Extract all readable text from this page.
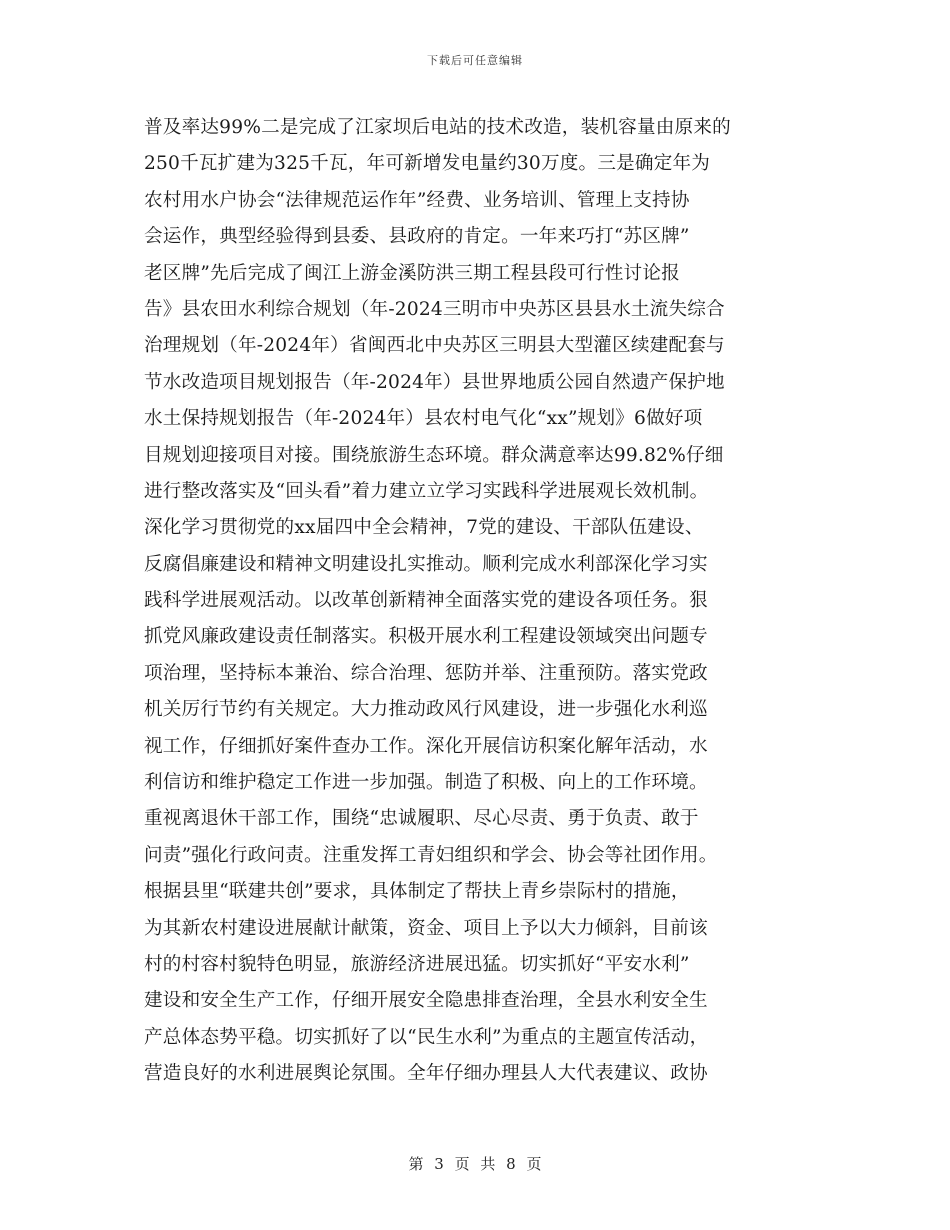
下载后可任意编辑
普及率达99%二是完成了江家坝后电站的技术改造，装机容量由原来的
250千瓦扩建为325千瓦，年可新增发电量约30万度。三是确定年为
农村用水户协会“法律规范运作年”经费、业务培训、管理上支持协
会运作，典型经验得到县委、县政府的肯定。一年来巧打“苏区牌”
老区牌”先后完成了闽江上游金溪防洪三期工程县段可行性讨论报
告》县农田水利综合规划（年-2024三明市中央苏区县县水土流失综合
治理规划（年-2024年）省闽西北中央苏区三明县大型灌区续建配套与
节水改造项目规划报告（年-2024年）县世界地质公园自然遗产保护地
水土保持规划报告（年-2024年）县农村电气化“xx”规划》6做好项
目规划迎接项目对接。围绕旅游生态环境。群众满意率达99.82%仔细
进行整改落实及“回头看”着力建立立学习实践科学进展观长效机制。
深化学习贯彻党的xx届四中全会精神，7党的建设、干部队伍建设、
反腐倡廉建设和精神文明建设扎实推动。顺利完成水利部深化学习实
践科学进展观活动。以改革创新精神全面落实党的建设各项任务。狠
抓党风廉政建设责任制落实。积极开展水利工程建设领域突出问题专
项治理，坚持标本兼治、综合治理、惩防并举、注重预防。落实党政
机关厉行节约有关规定。大力推动政风行风建设，进一步强化水利巡
视工作，仔细抓好案件查办工作。深化开展信访积案化解年活动，水
利信访和维护稳定工作进一步加强。制造了积极、向上的工作环境。
重视离退休干部工作，围绕“忠诚履职、尽心尽责、勇于负责、敢于
问责”强化行政问责。注重发挥工青妇组织和学会、协会等社团作用。
根据县里“联建共创”要求，具体制定了帮扶上青乡崇际村的措施，
为其新农村建设进展献计献策，资金、项目上予以大力倾斜，目前该
村的村容村貌特色明显，旅游经济进展迅猛。切实抓好“平安水利”
建设和安全生产工作，仔细开展安全隐患排查治理，全县水利安全生
产总体态势平稳。切实抓好了以“民生水利”为重点的主题宣传活动，
营造良好的水利进展舆论氛围。全年仔细办理县人大代表建议、政协
第 3 页 共 8 页
